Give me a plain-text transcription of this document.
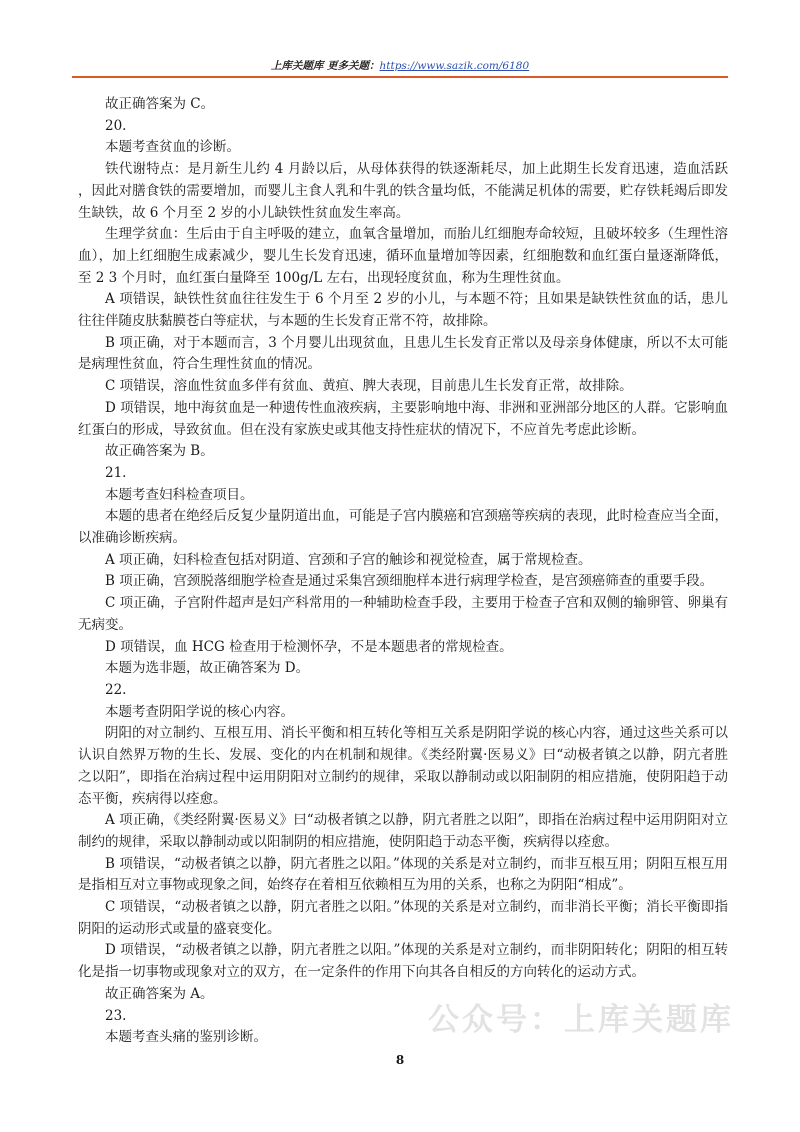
上库关题库 更多关题：https://www.sazik.com/6180

故正确答案为 C。

20.

本题考查贫血的诊断。

铁代谢特点：是月新生儿约 4 月龄以后，从母体获得的铁逐渐耗尽，加上此期生长发育迅速，造血活跃，因此对膳食铁的需要增加，而婴儿主食人乳和牛乳的铁含量均低，不能满足机体的需要，贮存铁耗竭后即发生缺铁，故 6 个月至 2 岁的小儿缺铁性贫血发生率高。

生理学贫血：生后由于自主呼吸的建立，血氧含量增加，而胎儿红细胞寿命较短，且破坏较多（生理性溶血），加上红细胞生成素减少，婴儿生长发育迅速，循环血量增加等因素，红细胞数和血红蛋白量逐渐降低，至 2 3 个月时，血红蛋白量降至 100g/L 左右，出现轻度贫血，称为生理性贫血。

A 项错误，缺铁性贫血往往发生于 6 个月至 2 岁的小儿，与本题不符；且如果是缺铁性贫血的话，患儿往往伴随皮肤黏膜苍白等症状，与本题的生长发育正常不符，故排除。

B 项正确，对于本题而言，3 个月婴儿出现贫血，且患儿生长发育正常以及母亲身体健康，所以不太可能是病理性贫血，符合生理性贫血的情况。

C 项错误，溶血性贫血多伴有贫血、黄疸、脾大表现，目前患儿生长发育正常，故排除。

D 项错误，地中海贫血是一种遗传性血液疾病，主要影响地中海、非洲和亚洲部分地区的人群。它影响血红蛋白的形成，导致贫血。但在没有家族史或其他支持性症状的情况下，不应首先考虑此诊断。

故正确答案为 B。

21.

本题考查妇科检查项目。

本题的患者在绝经后反复少量阴道出血，可能是子宫内膜癌和宫颈癌等疾病的表现，此时检查应当全面，以准确诊断疾病。

A 项正确，妇科检查包括对阴道、宫颈和子宫的触诊和视觉检查，属于常规检查。

B 项正确，宫颈脱落细胞学检查是通过采集宫颈细胞样本进行病理学检查，是宫颈癌筛查的重要手段。

C 项正确，子宫附件超声是妇产科常用的一种辅助检查手段，主要用于检查子宫和双侧的输卵管、卵巢有无病变。

D 项错误，血 HCG 检查用于检测怀孕，不是本题患者的常规检查。

本题为选非题，故正确答案为 D。

22.

本题考查阴阳学说的核心内容。

阴阳的对立制约、互根互用、消长平衡和相互转化等相互关系是阴阳学说的核心内容，通过这些关系可以认识自然界万物的生长、发展、变化的内在机制和规律。《类经附翼·医易义》曰“动极者镇之以静，阴亢者胜之以阳”，即指在治病过程中运用阴阳对立制约的规律，采取以静制动或以阳制阴的相应措施，使阴阳趋于动态平衡，疾病得以痊愈。

A 项正确，《类经附翼·医易义》曰“动极者镇之以静，阴亢者胜之以阳”，即指在治病过程中运用阴阳对立制约的规律，采取以静制动或以阳制阴的相应措施，使阴阳趋于动态平衡，疾病得以痊愈。

B 项错误，“动极者镇之以静，阴亢者胜之以阳。”体现的关系是对立制约，而非互根互用；阴阳互根互用是指相互对立事物或现象之间，始终存在着相互依赖相互为用的关系，也称之为阴阳“相成”。

C 项错误，“动极者镇之以静，阴亢者胜之以阳。”体现的关系是对立制约，而非消长平衡；消长平衡即指阴阳的运动形式或量的盛衰变化。

D 项错误，“动极者镇之以静，阴亢者胜之以阳。”体现的关系是对立制约，而非阴阳转化；阴阳的相互转化是指一切事物或现象对立的双方，在一定条件的作用下向其各自相反的方向转化的运动方式。

故正确答案为 A。

23.

本题考查头痛的鉴别诊断。	公众号：上库关题库
8
